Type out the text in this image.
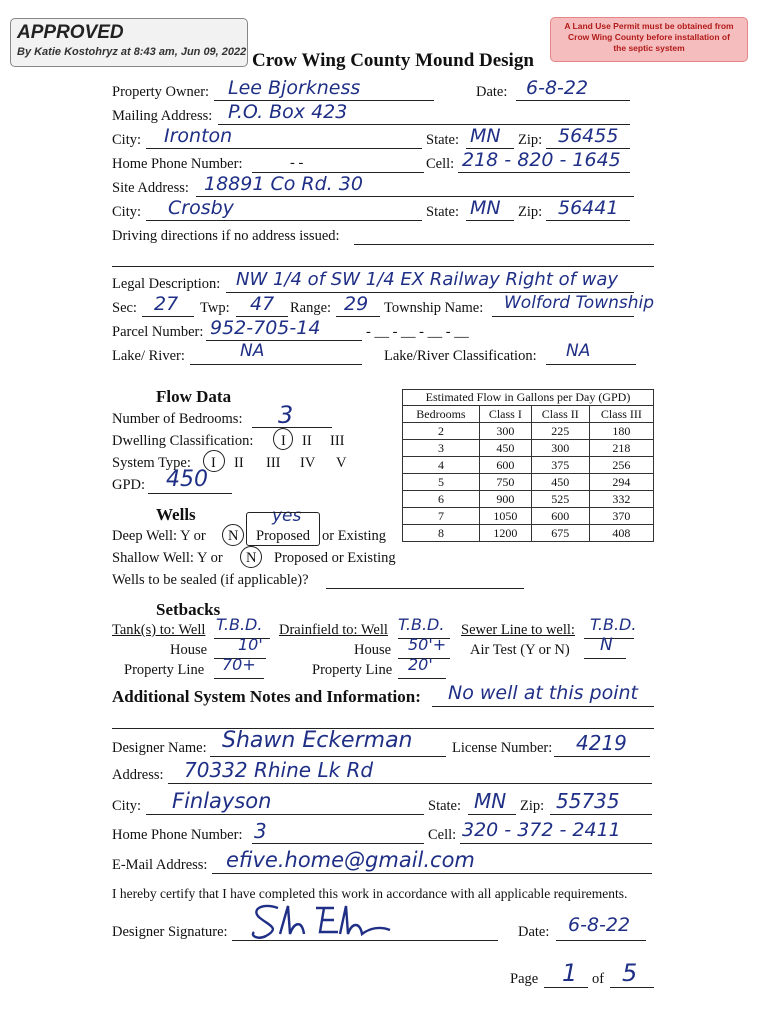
APPROVED
By Katie Kostohryz at 8:43 am, Jun 09, 2022
A Land Use Permit must be obtained from
Crow Wing County before installation of
the septic system
Crow Wing County Mound Design
Property Owner: Lee Bjorkness	Date: 6-8-22
Mailing Address: P.O. Box 423
City: Ironton	State: MN Zip: 56455
Home Phone Number:	- -	Cell: 218 - 820 - 1645
Site Address: 18891 Co Rd. 30
City: Crosby	State: MN Zip: 56441
Driving directions if no address issued:
Legal Description: NW 1/4 of SW 1/4 EX Railway Right of way
Sec: 27 Twp: 47 Range: 29 Township Name: Wolford Township
Parcel Number: 952-705-14	- __ - __ - __ - __
Lake/ River:	NA	Lake/River Classification: NA
Flow Data
Number of Bedrooms: 3
Dwelling Classification: I II III
System Type: I II III IV V
GPD: 450
Estimated Flow in Gallons per Day (GPD)			
Bedrooms	Class I	Class II	Class III
2	300	225	180
3	450	300	218
4	600	375	256
5	750	450	294
6	900	525	332
7	1050	600	370
8	1200	675	408
Wells	yes
Deep Well: Y or N Proposed or Existing
Shallow Well: Y or N Proposed or Existing
Wells to be sealed (if applicable)?
Setbacks
Tank(s) to: Well T.B.D.
House 10'
Property Line 70+
Drainfield to: Well T.B.D.
House 50'+
Property Line 20'
Sewer Line to well: T.B.D.
Air Test (Y or N) N
Additional System Notes and Information: No well at this point
Designer Name: Shawn Eckerman	License Number: 4219
Address: 70332 Rhine Lk Rd
City: Finlayson	State: MN Zip: 55735
Home Phone Number: 3	Cell: 320 - 372 - 2411
E-Mail Address: efive.home@gmail.com
I hereby certify that I have completed this work in accordance with all applicable requirements.
Designer Signature:	Date: 6-8-22
Page 1 of 5
